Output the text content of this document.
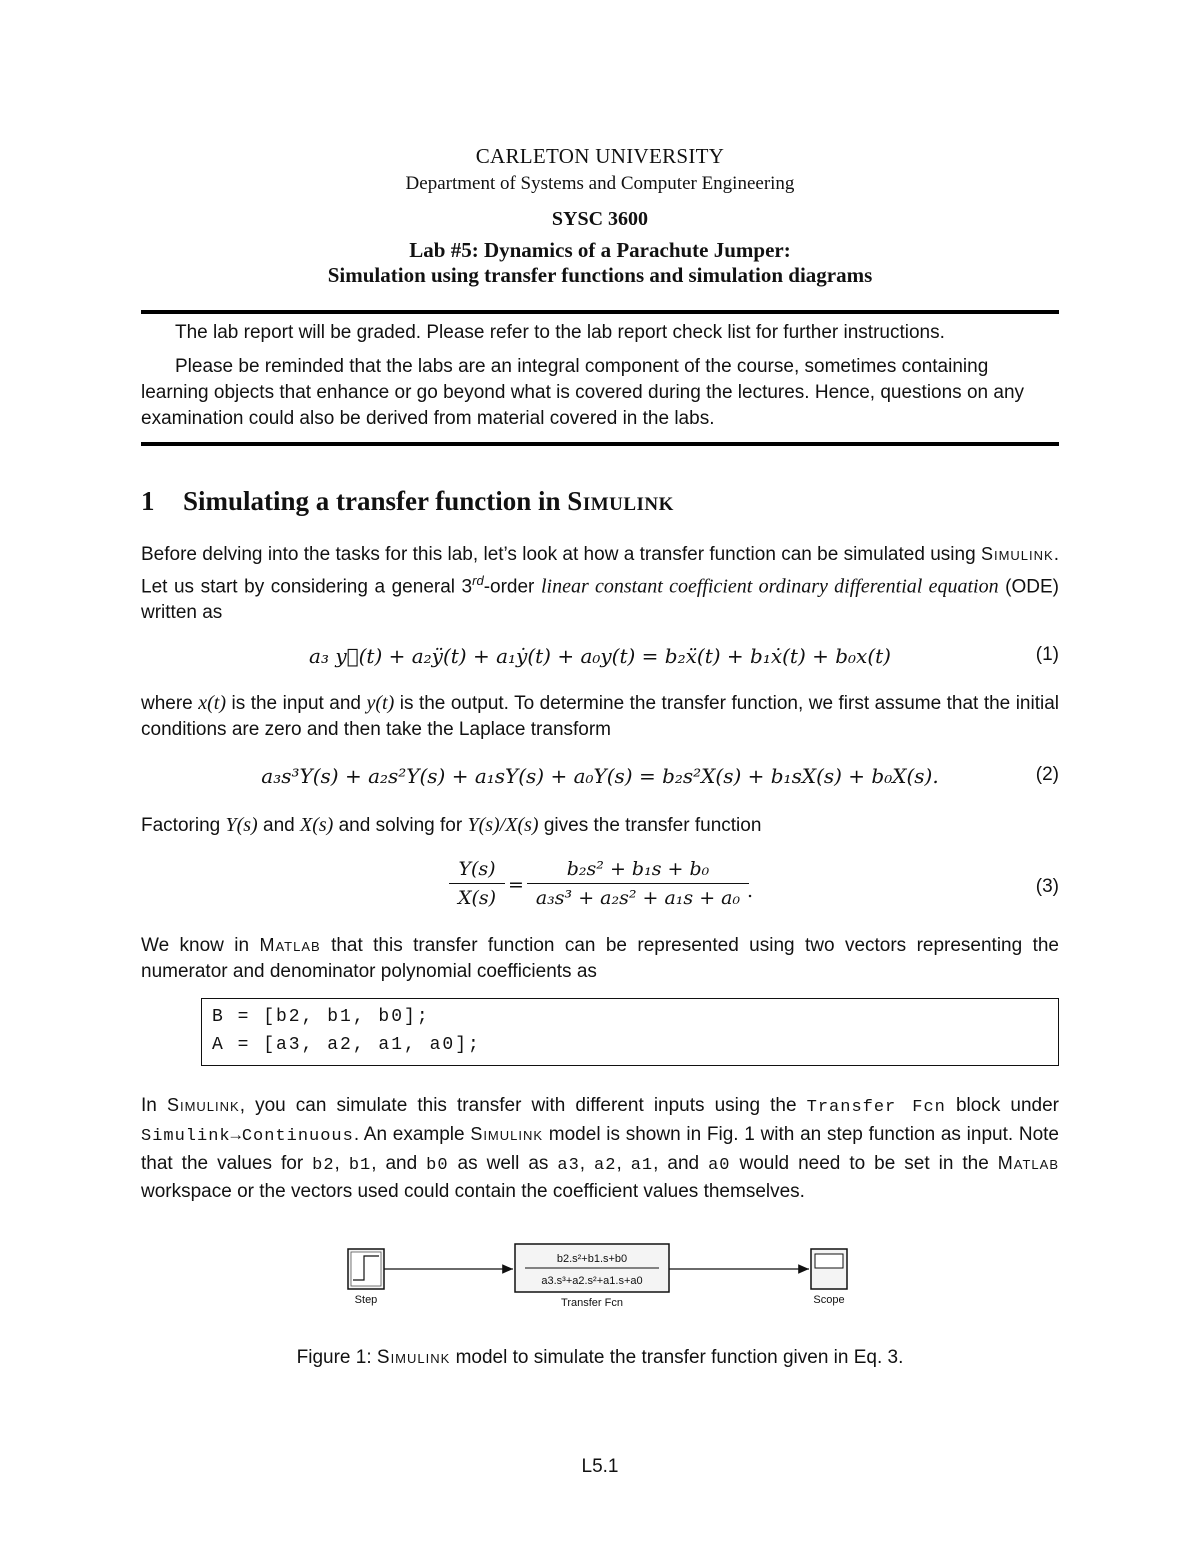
CARLETON UNIVERSITY
Department of Systems and Computer Engineering
SYSC 3600
Lab #5: Dynamics of a Parachute Jumper:
Simulation using transfer functions and simulation diagrams

The lab report will be graded. Please refer to the lab report check list for further instructions.

Please be reminded that the labs are an integral component of the course, sometimes containing learning objects that enhance or go beyond what is covered during the lectures. Hence, questions on any examination could also be derived from material covered in the labs.

1 Simulating a transfer function in Simulink
Before delving into the tasks for this lab, let’s look at how a transfer function can be simulated using Simulink. Let us start by considering a general 3rd-order linear constant coefficient ordinary differential equation (ODE) written as
a₃ y⃛(t) + a₂ÿ(t) + a₁ẏ(t) + a₀y(t) = b₂ẍ(t) + b₁ẋ(t) + b₀x(t)	(1)
where x(t) is the input and y(t) is the output. To determine the transfer function, we first assume that the initial conditions are zero and then take the Laplace transform
a₃s³Y(s) + a₂s²Y(s) + a₁sY(s) + a₀Y(s) = b₂s²X(s) + b₁sX(s) + b₀X(s).	(2)
Factoring Y(s) and X(s) and solving for Y(s)/X(s) gives the transfer function
$\frac{Y(s)}{X(s)} = \frac{\text{b₂s² + b₁s + b₀}}{\text{a₃s³ + a₂s² + a₁s + a₀}}$
.	(3)
We know in Matlab that this transfer function can be represented using two vectors representing the numerator and denominator polynomial coefficients as
B = [b2, b1, b0];
A = [a3, a2, a1, a0];
In Simulink, you can simulate this transfer with different inputs using the Transfer Fcn block under Simulink→Continuous. An example Simulink model is shown in Fig. 1 with an step function as input. Note that the values for b2, b1, and b0 as well as a3, a2, a1, and a0 would need to be set in the Matlab workspace or the vectors used could contain the coefficient values themselves.
Step
b2.s²+b1.s+b0
a3.s³+a2.s²+a1.s+a0
Transfer Fcn	Scope
Figure 1: Simulink model to simulate the transfer function given in Eq. 3.
L5.1
